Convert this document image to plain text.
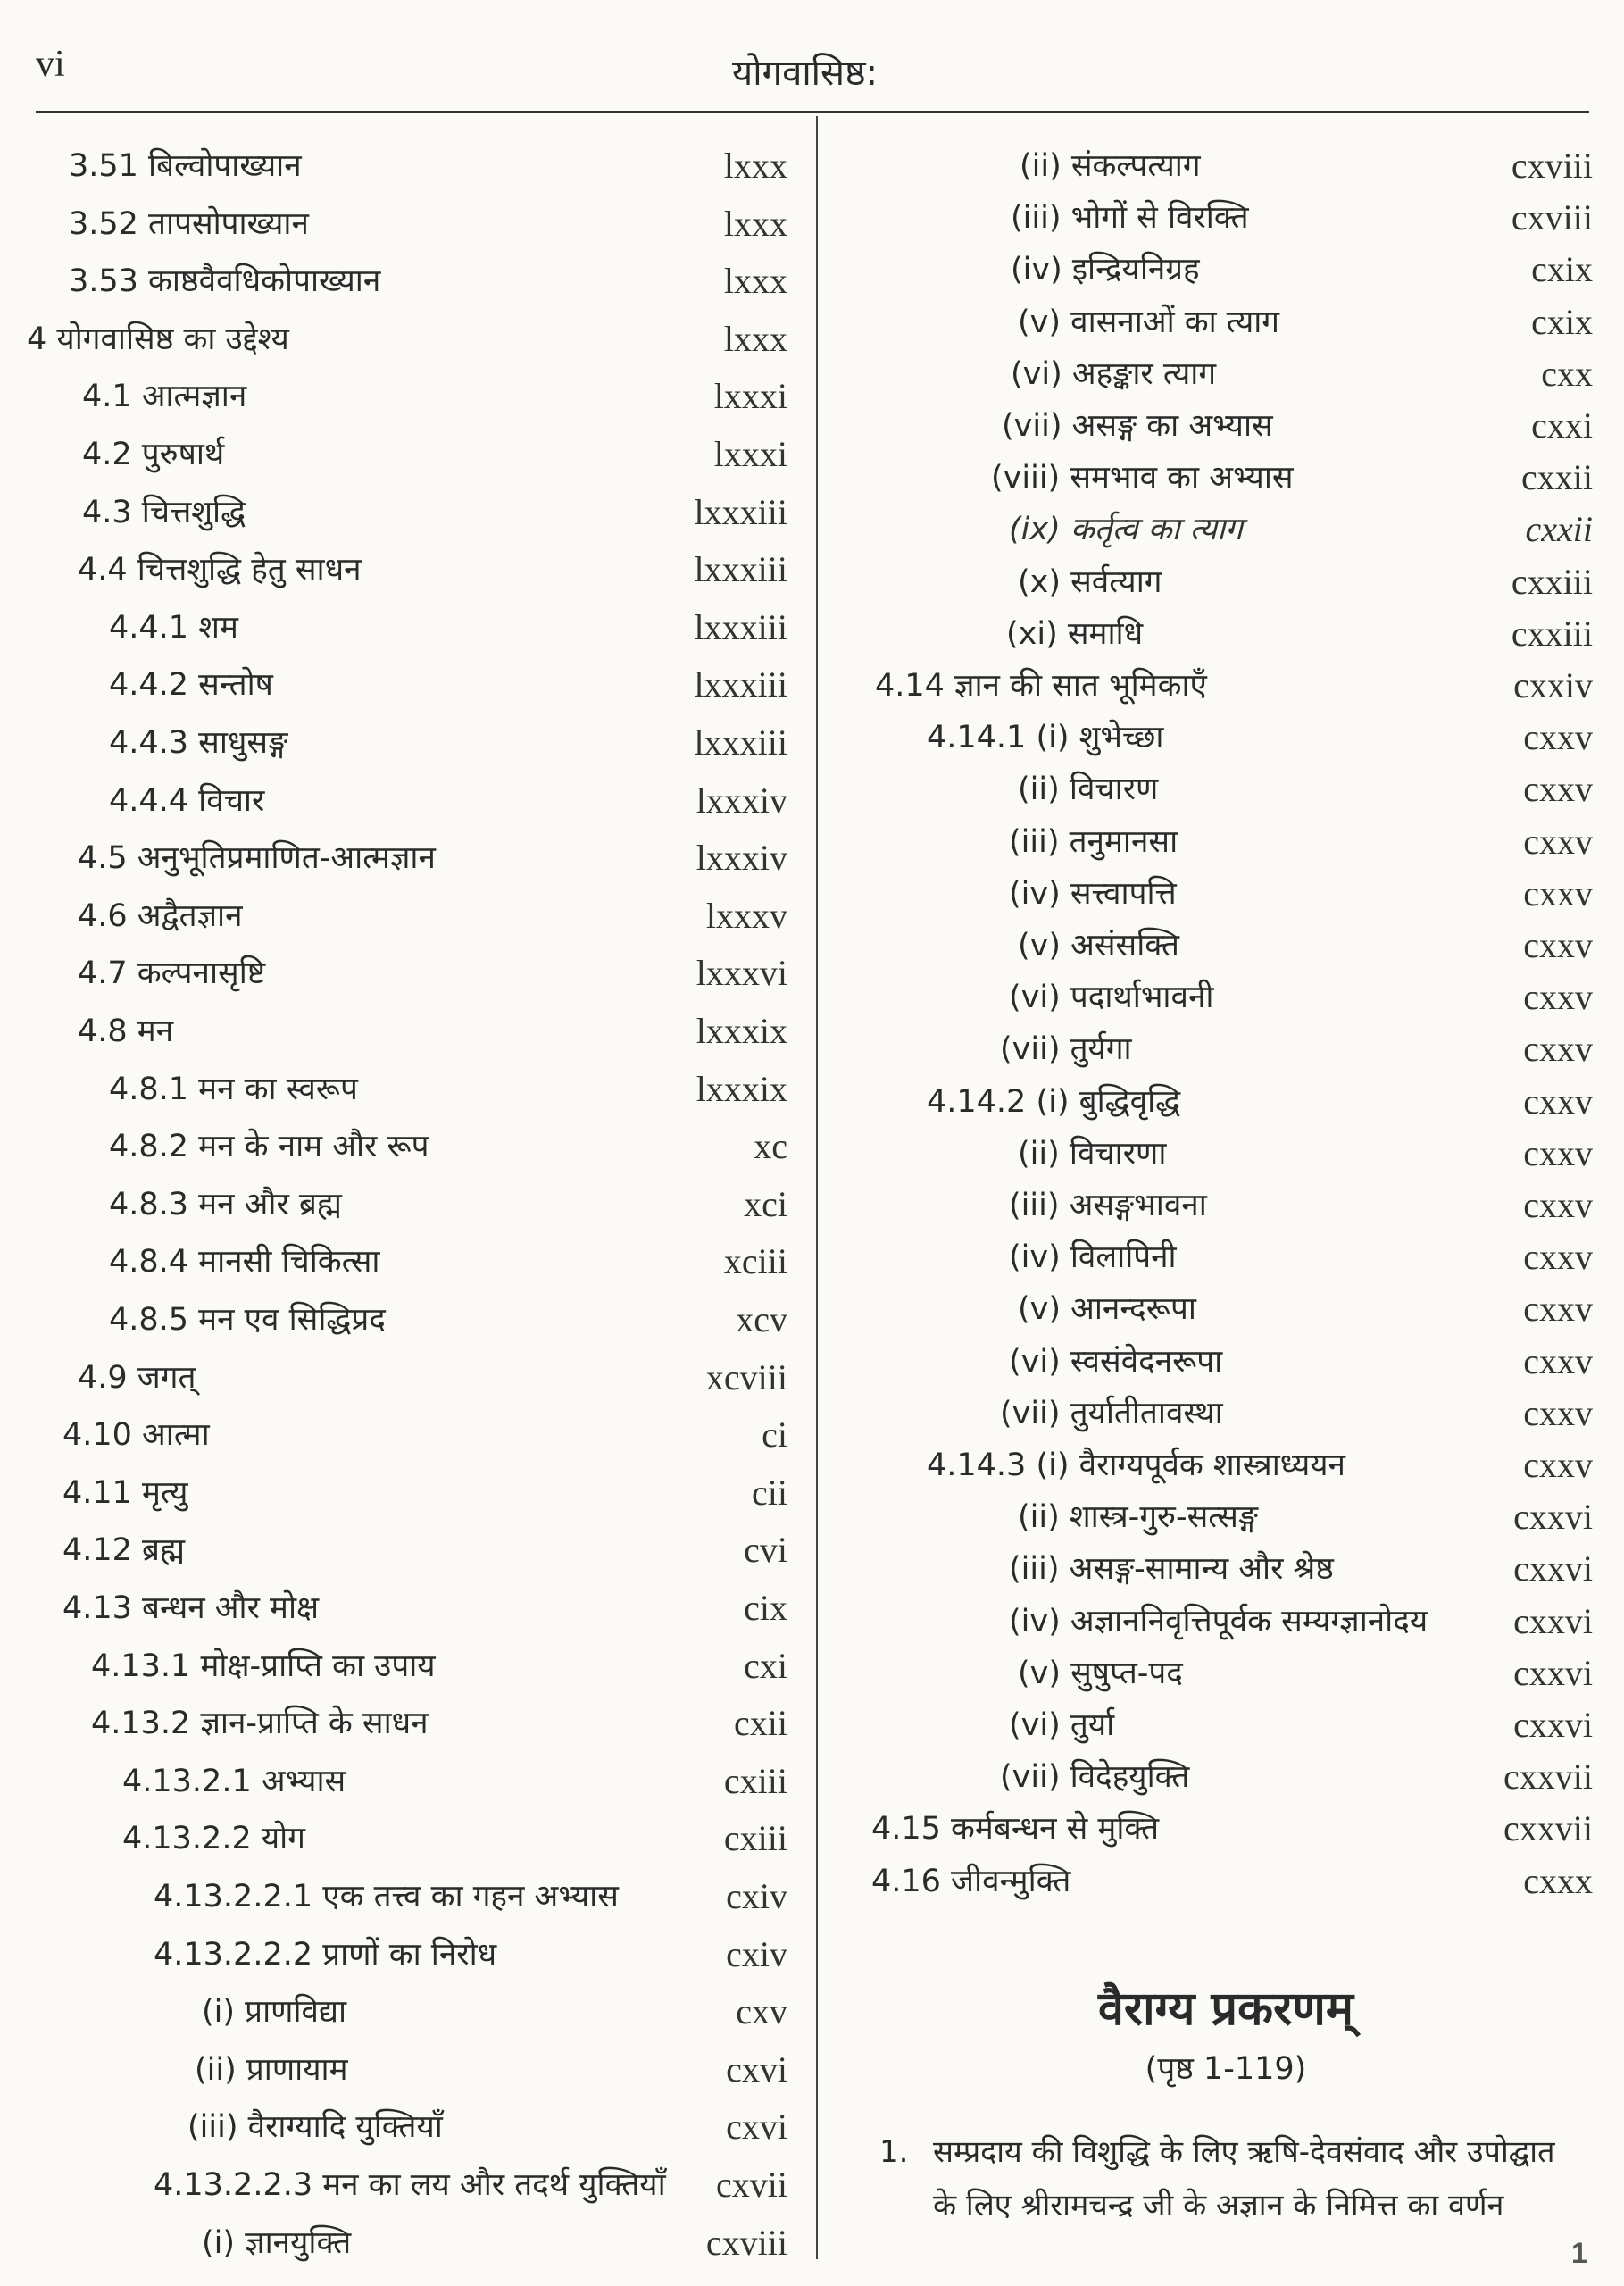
vi	योगवासिष्ठ:
3.51 बिल्वोपाख्यान	lxxx
3.52 तापसोपाख्यान	lxxx
3.53 काष्ठवैवधिकोपाख्यान	lxxx
4 योगवासिष्ठ का उद्देश्य	lxxx
4.1 आत्मज्ञान	lxxxi
4.2 पुरुषार्थ	lxxxi
4.3 चित्तशुद्धि	lxxxiii
4.4 चित्तशुद्धि हेतु साधन	lxxxiii
4.4.1 शम	lxxxiii
4.4.2 सन्तोष	lxxxiii
4.4.3 साधुसङ्ग	lxxxiii
4.4.4 विचार	lxxxiv
4.5 अनुभूतिप्रमाणित-आत्मज्ञान	lxxxiv
4.6 अद्वैतज्ञान	lxxxv
4.7 कल्पनासृष्टि	lxxxvi
4.8 मन	lxxxix
4.8.1 मन का स्वरूप	lxxxix
4.8.2 मन के नाम और रूप	xc
4.8.3 मन और ब्रह्म	xci
4.8.4 मानसी चिकित्सा	xciii
4.8.5 मन एव सिद्धिप्रद	xcv
4.9 जगत्	xcviii
4.10 आत्मा	ci
4.11 मृत्यु	cii
4.12 ब्रह्म	cvi
4.13 बन्धन और मोक्ष	cix
4.13.1 मोक्ष-प्राप्ति का उपाय	cxi
4.13.2 ज्ञान-प्राप्ति के साधन	cxii
4.13.2.1 अभ्यास	cxiii
4.13.2.2 योग	cxiii
4.13.2.2.1 एक तत्त्व का गहन अभ्यास	cxiv
4.13.2.2.2 प्राणों का निरोध	cxiv
(i) प्राणविद्या	cxv
(ii) प्राणायाम	cxvi
(iii) वैराग्यादि युक्तियाँ	cxvi
4.13.2.2.3 मन का लय और तदर्थ युक्तियाँ cxvii
(i) ज्ञानयुक्ति	cxviii
(ii) संकल्पत्याग	cxviii
(iii) भोगों से विरक्ति	cxviii
(iv) इन्द्रियनिग्रह	cxix
(v) वासनाओं का त्याग	cxix
(vi) अहङ्कार त्याग	cxx
(vii) असङ्ग का अभ्यास	cxxi
(viii) समभाव का अभ्यास	cxxii
(ix) कर्तृत्व का त्याग	cxxii
(x) सर्वत्याग	cxxiii
(xi) समाधि	cxxiii
4.14 ज्ञान की सात भूमिकाएँ	cxxiv
4.14.1 (i) शुभेच्छा	cxxv
(ii) विचारण	cxxv
(iii) तनुमानसा	cxxv
(iv) सत्त्वापत्ति	cxxv
(v) असंसक्ति	cxxv
(vi) पदार्थाभावनी	cxxv
(vii) तुर्यगा	cxxv
4.14.2 (i) बुद्धिवृद्धि	cxxv
(ii) विचारणा	cxxv
(iii) असङ्गभावना	cxxv
(iv) विलापिनी	cxxv
(v) आनन्दरूपा	cxxv
(vi) स्वसंवेदनरूपा	cxxv
(vii) तुर्यातीतावस्था	cxxv
4.14.3 (i) वैराग्यपूर्वक शास्त्राध्ययन	cxxv
(ii) शास्त्र-गुरु-सत्सङ्ग	cxxvi
(iii) असङ्ग-सामान्य और श्रेष्ठ	cxxvi
(iv) अज्ञाननिवृत्तिपूर्वक सम्यग्ज्ञानोदय cxxvi
(v) सुषुप्त-पद	cxxvi
(vi) तुर्या	cxxvi
(vii) विदेहयुक्ति	cxxvii
4.15 कर्मबन्धन से मुक्ति	cxxvii
4.16 जीवन्मुक्ति	cxxx
वैराग्य प्रकरणम्
(पृष्ठ 1-119)
1. सम्प्रदाय की विशुद्धि के लिए ऋषि-देवसंवाद और उपोद्घात के लिए श्रीरामचन्द्र जी के अज्ञान के निमित्त का वर्णन
1
